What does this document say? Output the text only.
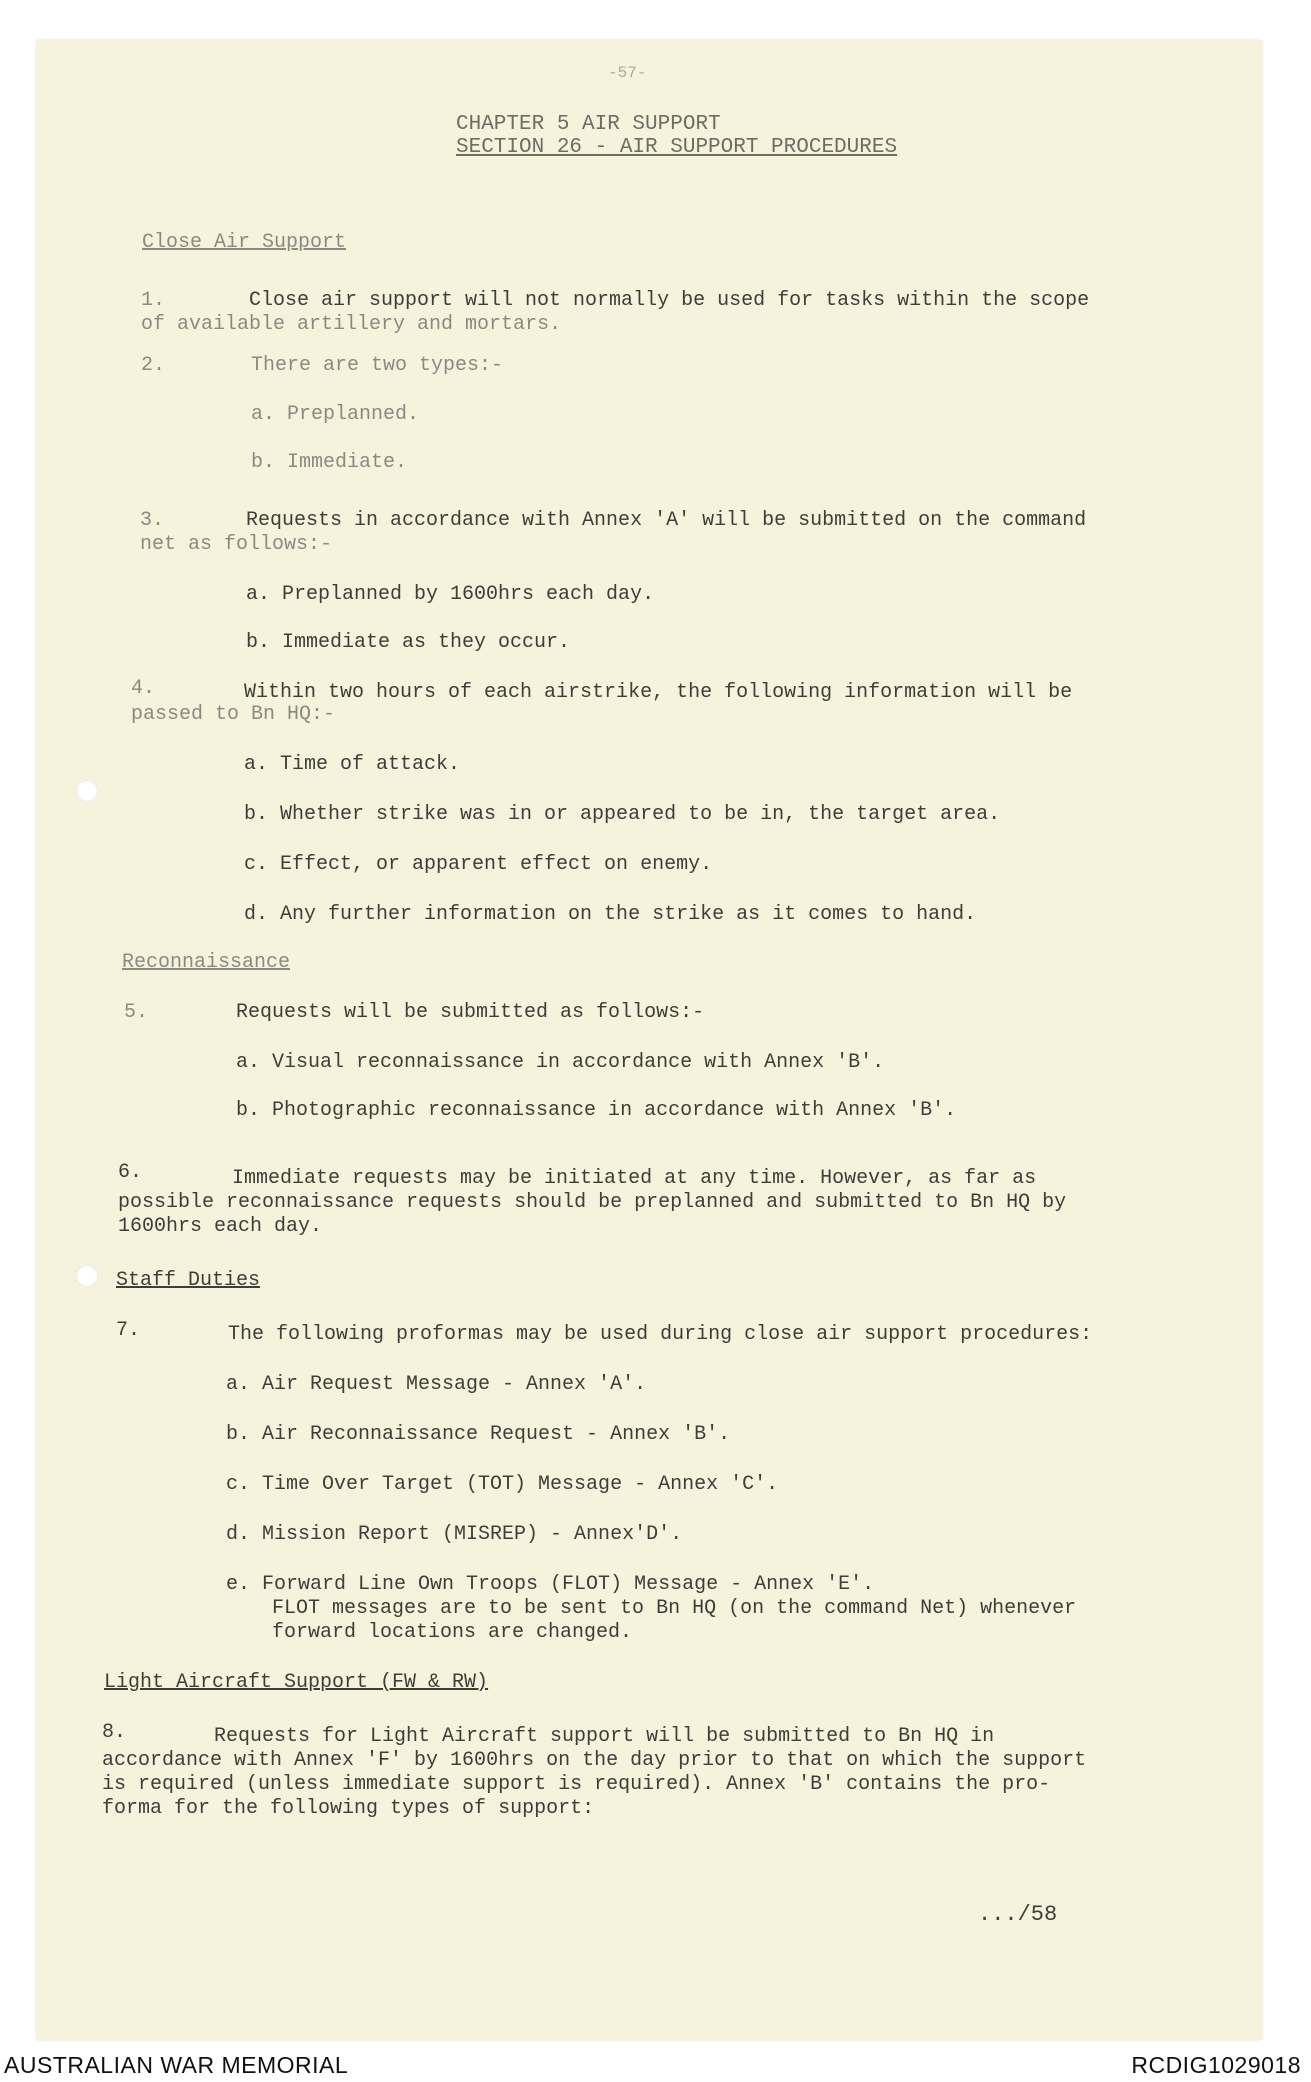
-57-
CHAPTER 5 AIR SUPPORT
SECTION 26 - AIR SUPPORT PROCEDURES
Close Air Support
1.	Close air support will not normally be used for tasks within the scope
of available artillery and mortars.
2.	There are two types:-
a. Preplanned.
b. Immediate.
3.	Requests in accordance with Annex 'A' will be submitted on the command
net as follows:-
a. Preplanned by 1600hrs each day.
b. Immediate as they occur.
4.	Within two hours of each airstrike, the following information will be
passed to Bn HQ:-
a. Time of attack.
b. Whether strike was in or appeared to be in, the target area.
c. Effect, or apparent effect on enemy.
d. Any further information on the strike as it comes to hand.
Reconnaissance
5.	Requests will be submitted as follows:-
a. Visual reconnaissance in accordance with Annex 'B'.
b. Photographic reconnaissance in accordance with Annex 'B'.
6.	Immediate requests may be initiated at any time. However, as far as
possible reconnaissance requests should be preplanned and submitted to Bn HQ by
1600hrs each day.
Staff Duties
7.	The following proformas may be used during close air support procedures:
a. Air Request Message - Annex 'A'.
b. Air Reconnaissance Request - Annex 'B'.
c. Time Over Target (TOT) Message - Annex 'C'.
d. Mission Report (MISREP) - Annex'D'.
e. Forward Line Own Troops (FLOT) Message - Annex 'E'.
FLOT messages are to be sent to Bn HQ (on the command Net) whenever
forward locations are changed.
Light Aircraft Support (FW & RW)
8.	Requests for Light Aircraft support will be submitted to Bn HQ in
accordance with Annex 'F' by 1600hrs on the day prior to that on which the support
is required (unless immediate support is required). Annex 'B' contains the pro-
forma for the following types of support:
.../58
AUSTRALIAN WAR MEMORIAL	RCDIG1029018
